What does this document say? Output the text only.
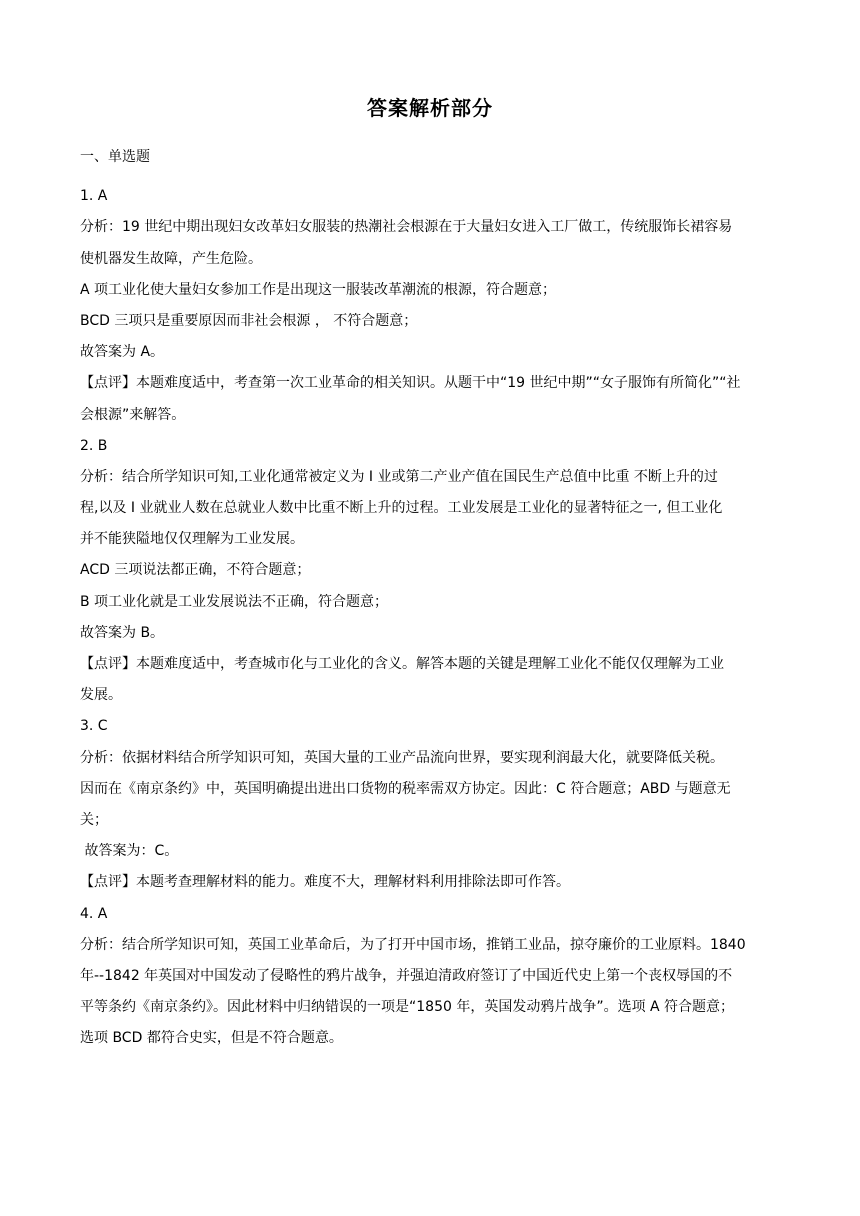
答案解析部分
一、单选题
1. A
分析：19 世纪中期出现妇女改革妇女服装的热潮社会根源在于大量妇女进入工厂做工，传统服饰长裙容易
使机器发生故障，产生危险。
A 项工业化使大量妇女参加工作是出现这一服装改革潮流的根源，符合题意；
BCD 三项只是重要原因而非社会根源 ， 不符合题意；
故答案为 A。
【点评】本题难度适中，考查第一次工业革命的相关知识。从题干中“19 世纪中期”“女子服饰有所简化”“社
会根源”来解答。
2. B
分析：结合所学知识可知,工业化通常被定义为 I 业或第二产业产值在国民生产总值中比重 不断上升的过
程,以及 I 业就业人数在总就业人数中比重不断上升的过程。工业发展是工业化的显著特征之一, 但工业化
并不能狭隘地仅仅理解为工业发展。
ACD 三项说法都正确，不符合题意；
B 项工业化就是工业发展说法不正确，符合题意；
故答案为 B。
【点评】本题难度适中，考查城市化与工业化的含义。解答本题的关键是理解工业化不能仅仅理解为工业
发展。
3. C
分析：依据材料结合所学知识可知，英国大量的工业产品流向世界，要实现利润最大化，就要降低关税。
因而在《南京条约》中，英国明确提出进出口货物的税率需双方协定。因此：C 符合题意；ABD 与题意无
关；
故答案为：C。
【点评】本题考查理解材料的能力。难度不大，理解材料利用排除法即可作答。
4. A
分析：结合所学知识可知，英国工业革命后，为了打开中国市场，推销工业品，掠夺廉价的工业原料。1840
年--1842 年英国对中国发动了侵略性的鸦片战争，并强迫清政府签订了中国近代史上第一个丧权辱国的不
平等条约《南京条约》。因此材料中归纳错误的一项是“1850 年，英国发动鸦片战争”。选项 A 符合题意；
选项 BCD 都符合史实，但是不符合题意。
